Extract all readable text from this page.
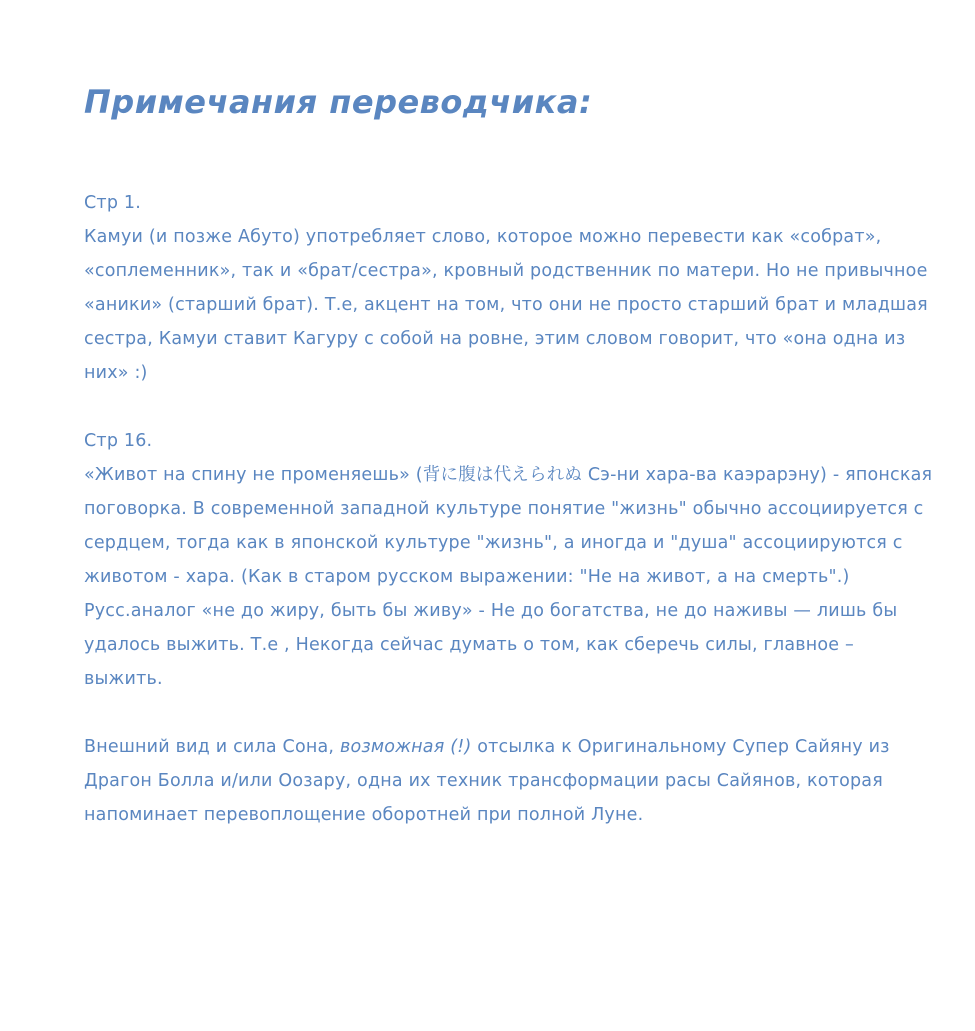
Примечания переводчика:

Стр 1.

Камуи (и позже Абуто) употребляет слово, которое можно перевести как «собрат», «соплеменник», так и «брат/сестра», кровный родственник по матери. Но не привычное «аники» (старший брат). Т.е, акцент на том, что они не просто старший брат и младшая сестра, Камуи ставит Кагуру с собой на ровне, этим словом говорит, что «она одна из них» :)

Стр 16.

«Живот на спину не променяешь» (背に腹は代えられぬ Сэ-ни хара-ва каэрарэну) - японская поговорка. В современной западной культуре понятие "жизнь" обычно ассоциируется с сердцем, тогда как в японской культуре "жизнь", а иногда и "душа" ассоциируются с животом - хара. (Как в старом русском выражении: "Не на живот, а на смерть".) Русс.аналог «не до жиру, быть бы живу» - Не до богатства, не до наживы — лишь бы удалось выжить. Т.е , Некогда сейчас думать о том, как сберечь силы, главное – выжить.

Внешний вид и сила Сона, возможная (!) отсылка к Оригинальному Супер Сайяну из Драгон Болла и/или Оозару, одна их техник трансформации расы Сайянов, которая напоминает перевоплощение оборотней при полной Луне.
